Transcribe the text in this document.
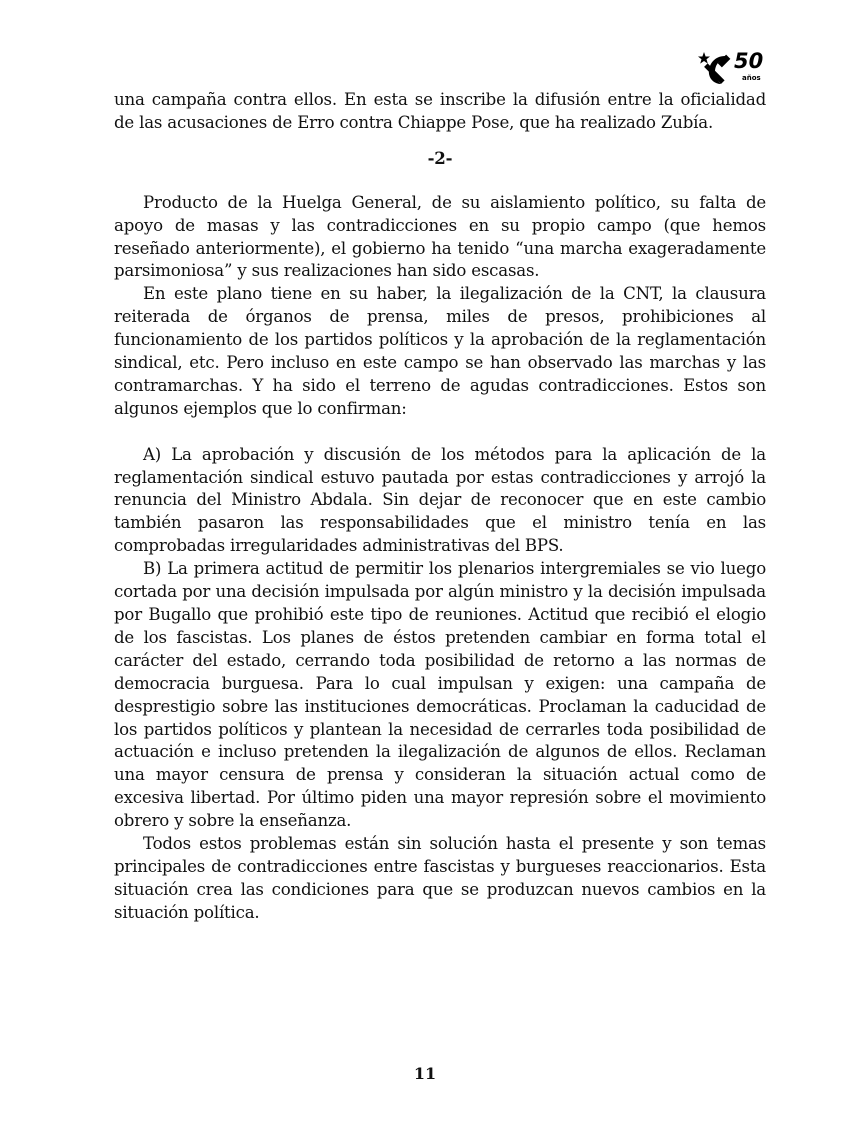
50
años

una campaña contra ellos. En esta se inscribe la difusión entre la oficialidad de las acusaciones de Erro contra Chiappe Pose, que ha realizado Zubía.

-2-

Producto de la Huelga General, de su aislamiento político, su falta de apoyo de masas y las contradicciones en su propio campo (que hemos reseñado anteriormente), el gobierno ha tenido “una marcha exageradamente parsimoniosa” y sus realizaciones han sido escasas.

En este plano tiene en su haber, la ilegalización de la CNT, la clausura reiterada de órganos de prensa, miles de presos, prohibiciones al funcionamiento de los partidos políticos y la aprobación de la reglamentación sindical, etc. Pero incluso en este campo se han observado las marchas y las contramarchas. Y ha sido el terreno de agudas contradicciones. Estos son algunos ejemplos que lo confirman:

A) La aprobación y discusión de los métodos para la aplicación de la reglamentación sindical estuvo pautada por estas contradicciones y arrojó la renuncia del Ministro Abdala. Sin dejar de reconocer que en este cambio también pasaron las responsabilidades que el ministro tenía en las comprobadas irregularidades administrativas del BPS.

B) La primera actitud de permitir los plenarios intergremiales se vio luego cortada por una decisión impulsada por algún ministro y la decisión impulsada por Bugallo que prohibió este tipo de reuniones. Actitud que recibió el elogio de los fascistas. Los planes de éstos pretenden cambiar en forma total el carácter del estado, cerrando toda posibilidad de retorno a las normas de democracia burguesa. Para lo cual impulsan y exigen: una campaña de desprestigio sobre las instituciones democráticas. Proclaman la caducidad de los partidos políticos y plantean la necesidad de cerrarles toda posibilidad de actuación e incluso pretenden la ilegalización de algunos de ellos. Reclaman una mayor censura de prensa y consideran la situación actual como de excesiva libertad. Por último piden una mayor represión sobre el movimiento obrero y sobre la enseñanza.

Todos estos problemas están sin solución hasta el presente y son temas principales de contradicciones entre fascistas y burgueses reaccionarios. Esta situación crea las condiciones para que se produzcan nuevos cambios en la situación política.

11
